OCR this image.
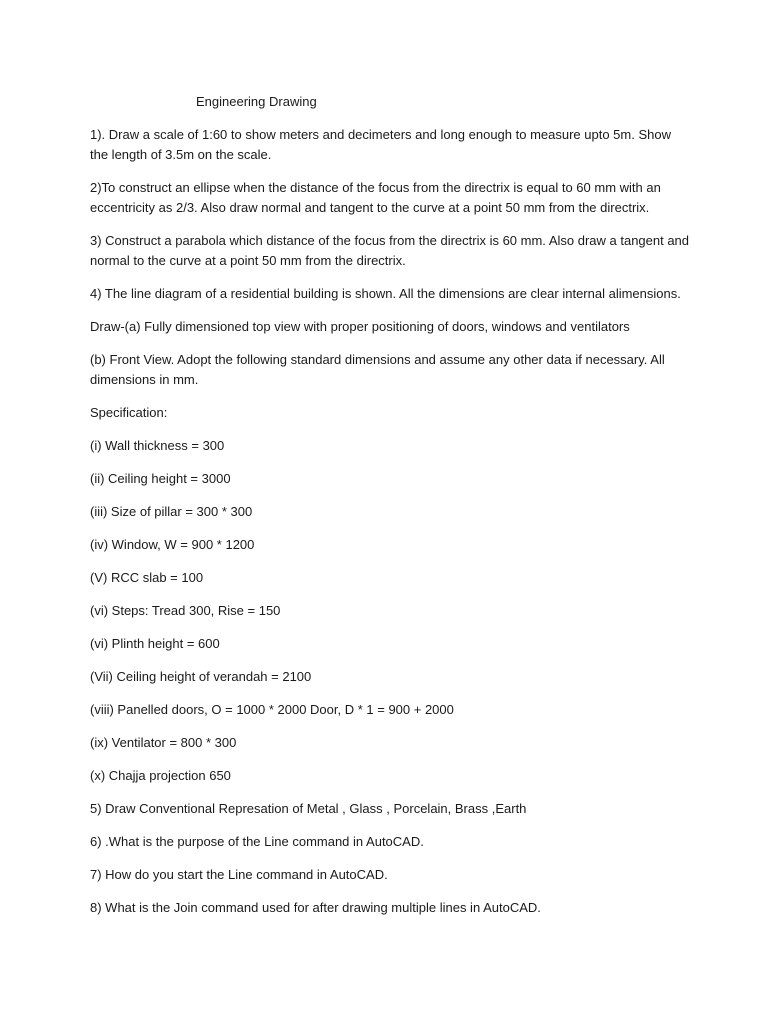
Engineering Drawing

1). Draw a scale of 1:60 to show meters and decimeters and long enough to measure upto 5m. Show the length of 3.5m on the scale.

2)To construct an ellipse when the distance of the focus from the directrix is equal to 60 mm with an eccentricity as 2/3. Also draw normal and tangent to the curve at a point 50 mm from the directrix.

3) Construct a parabola which distance of the focus from the directrix is 60 mm. Also draw a tangent and normal to the curve at a point 50 mm from the directrix.

4) The line diagram of a residential building is shown. All the dimensions are clear internal alimensions.

Draw-(a) Fully dimensioned top view with proper positioning of doors, windows and ventilators

(b) Front View. Adopt the following standard dimensions and assume any other data if necessary. All dimensions in mm.

Specification:

(i) Wall thickness = 300

(ii) Ceiling height = 3000

(iii) Size of pillar = 300 * 300

(iv) Window, W = 900 * 1200

(V) RCC slab = 100

(vi) Steps: Tread 300, Rise = 150

(vi) Plinth height = 600

(Vii) Ceiling height of verandah = 2100

(viii) Panelled doors, O = 1000 * 2000 Door, D * 1 = 900 + 2000

(ix) Ventilator = 800 * 300

(x) Chajja projection 650

5) Draw Conventional Represation of Metal , Glass , Porcelain, Brass ,Earth

6) .What is the purpose of the Line command in AutoCAD.

7) How do you start the Line command in AutoCAD.

8) What is the Join command used for after drawing multiple lines in AutoCAD.
